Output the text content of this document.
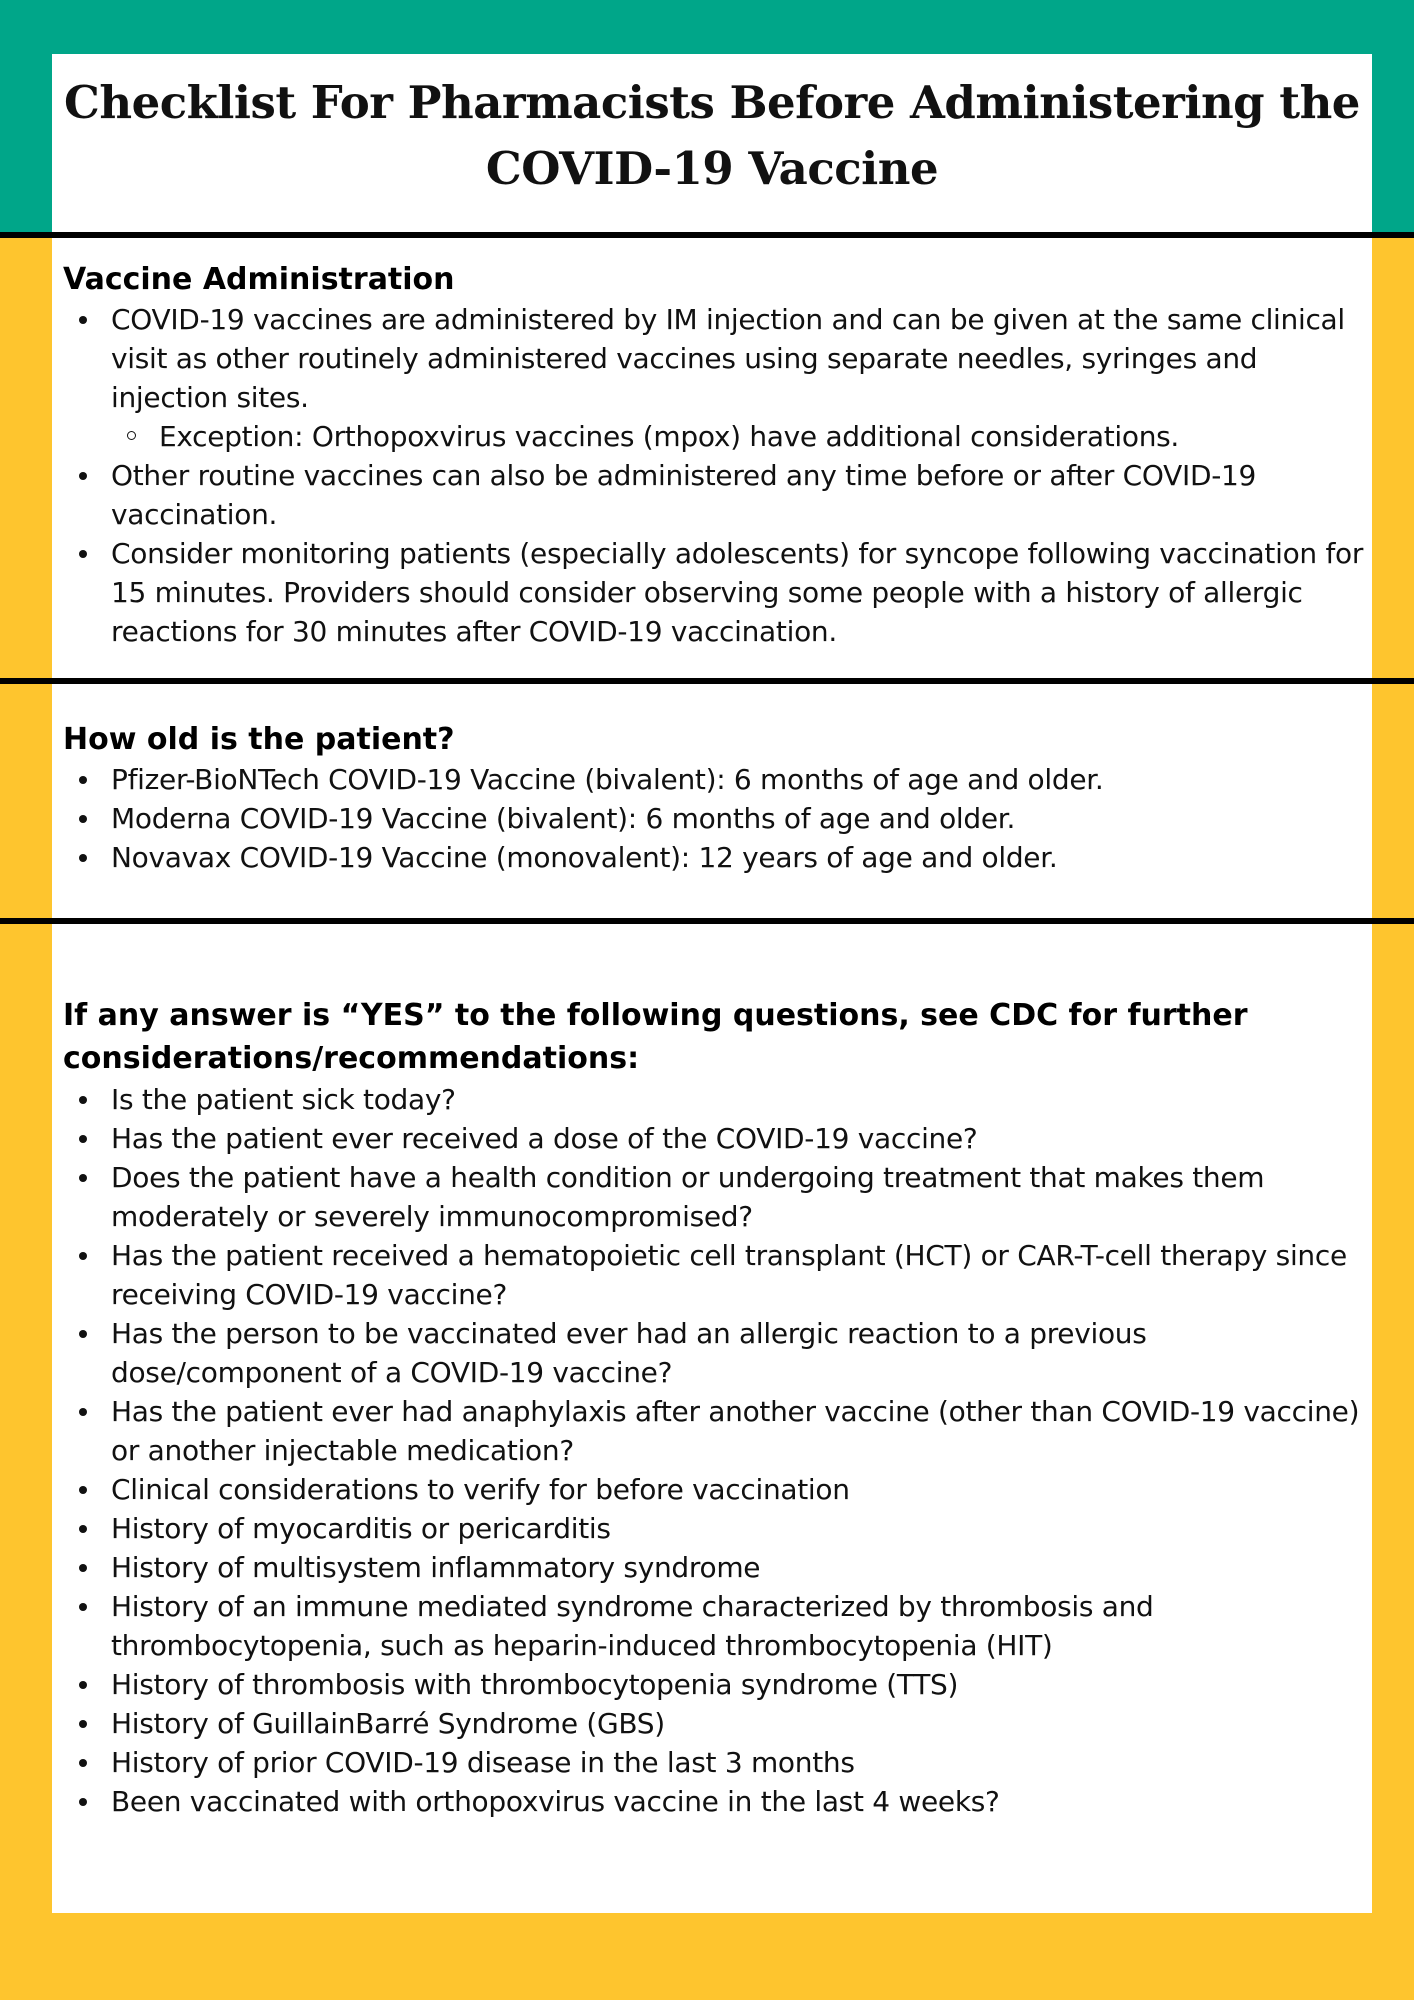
Checklist For Pharmacists Before Administering the COVID-19 Vaccine
Vaccine Administration
COVID-19 vaccines are administered by IM injection and can be given at the same clinical visit as other routinely administered vaccines using separate needles, syringes and injection sites.
Exception: Orthopoxvirus vaccines (mpox) have additional considerations.
Other routine vaccines can also be administered any time before or after COVID-19 vaccination.
Consider monitoring patients (especially adolescents) for syncope following vaccination for 15 minutes. Providers should consider observing some people with a history of allergic reactions for 30 minutes after COVID-19 vaccination.
How old is the patient?
Pfizer-BioNTech COVID-19 Vaccine (bivalent): 6 months of age and older.
Moderna COVID-19 Vaccine (bivalent): 6 months of age and older.
Novavax COVID-19 Vaccine (monovalent): 12 years of age and older.
If any answer is “YES” to the following questions, see CDC for further considerations/recommendations:
Is the patient sick today?
Has the patient ever received a dose of the COVID-19 vaccine?
Does the patient have a health condition or undergoing treatment that makes them moderately or severely immunocompromised?
Has the patient received a hematopoietic cell transplant (HCT) or CAR-T-cell therapy since receiving COVID-19 vaccine?
Has the person to be vaccinated ever had an allergic reaction to a previous dose/component of a COVID-19 vaccine?
Has the patient ever had anaphylaxis after another vaccine (other than COVID-19 vaccine) or another injectable medication?
Clinical considerations to verify for before vaccination
History of myocarditis or pericarditis
History of multisystem inflammatory syndrome
History of an immune mediated syndrome characterized by thrombosis and thrombocytopenia, such as heparin-induced thrombocytopenia (HIT)
History of thrombosis with thrombocytopenia syndrome (TTS)
History of GuillainBarré Syndrome (GBS)
History of prior COVID-19 disease in the last 3 months
Been vaccinated with orthopoxvirus vaccine in the last 4 weeks?
